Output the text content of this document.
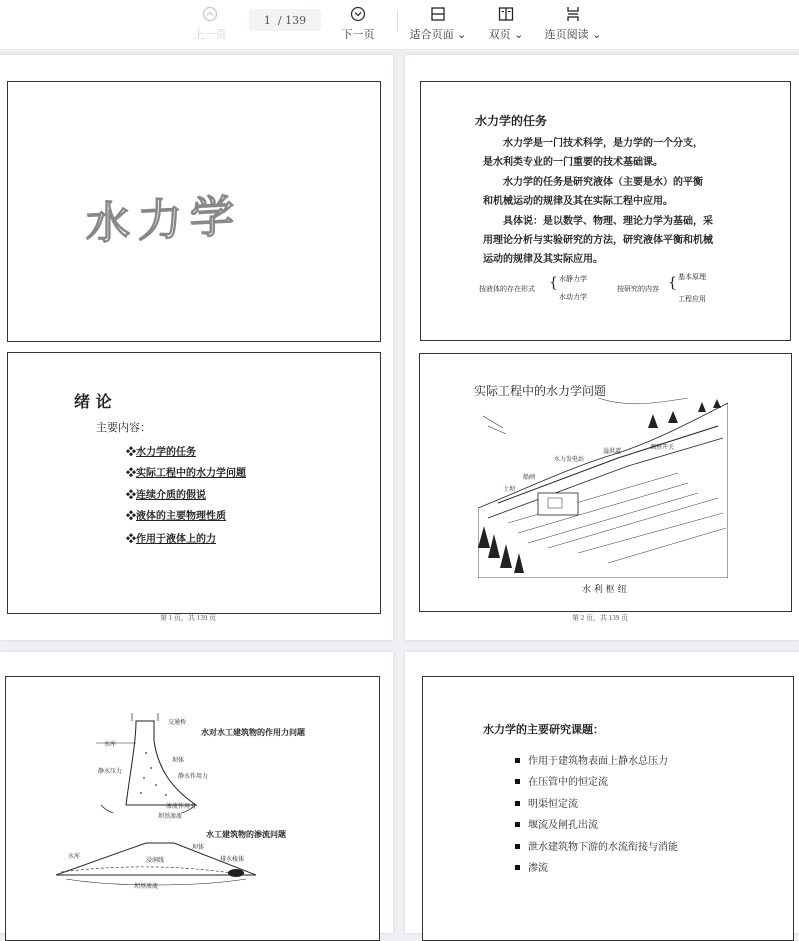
上一页
1
/ 139
下一页	适合页面 ⌄ 双页 ⌄ 连页阅读 ⌄
水力学
绪 论
主要内容：
❖水力学的任务
❖实际工程中的水力学问题
❖连续介质的假说
❖液体的主要物理性质
❖作用于液体上的力
第 1 页，共 139 页
水力学的任务
水力学是一门技术科学，是力学的一个分支，
是水利类专业的一门重要的技术基础课。
水力学的任务是研究液体（主要是水）的平衡
和机械运动的规律及其在实际工程中应用。
具体说：是以数学、物理、理论力学为基础，采
用理论分析与实验研究的方法，研究液体平衡和机械
运动的规律及其实际应用。
按液体的存在形式 { 水静力学
水动力学
按研究的内容 { 基本原理
工程应用
实际工程中的水力学问题
水力发电站
溢洪道
船闸
土坝
调整开关
水 利 枢 纽
第 2 页，共 139 页
交通桥
水库
静水压力
坝体
静水作用力
渗流作用力
坝基渗流
水对水工建筑物的作用力问题
水工建筑物的渗流问题
坝体
浸润线	排水棱体
水库
坝基渗流
水力学的主要研究课题：
作用于建筑物表面上静水总压力
在压管中的恒定流
明渠恒定流
堰流及闸孔出流
泄水建筑物下游的水流衔接与消能
渗流
